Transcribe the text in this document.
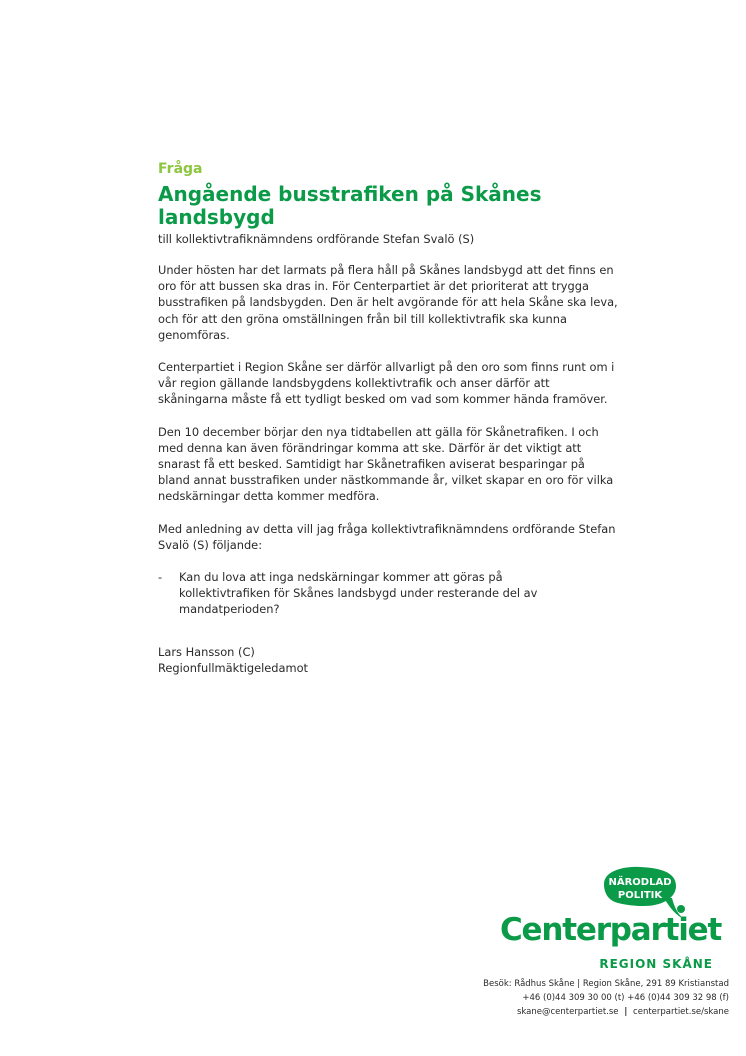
Fråga
Angående busstrafiken på Skånes landsbygd
till kollektivtrafiknämndens ordförande Stefan Svalö (S)

Under hösten har det larmats på flera håll på Skånes landsbygd att det finns en oro för att bussen ska dras in. För Centerpartiet är det prioriterat att trygga busstrafiken på landsbygden. Den är helt avgörande för att hela Skåne ska leva, och för att den gröna omställningen från bil till kollektivtrafik ska kunna genomföras.

Centerpartiet i Region Skåne ser därför allvarligt på den oro som finns runt om i vår region gällande landsbygdens kollektivtrafik och anser därför att skåningarna måste få ett tydligt besked om vad som kommer hända framöver.

Den 10 december börjar den nya tidtabellen att gälla för Skånetrafiken. I och med denna kan även förändringar komma att ske. Därför är det viktigt att snarast få ett besked. Samtidigt har Skånetrafiken aviserat besparingar på bland annat busstrafiken under nästkommande år, vilket skapar en oro för vilka nedskärningar detta kommer medföra.

Med anledning av detta vill jag fråga kollektivtrafiknämndens ordförande Stefan Svalö (S) följande:

-	Kan du lova att inga nedskärningar kommer att göras på kollektivtrafiken för Skånes landsbygd under resterande del av mandatperioden?
Lars Hansson (C)
Regionfullmäktigeledamot
NÄRODLAD
POLITIK
Centerpartiet
REGION SKÅNE
Besök: Rådhus Skåne | Region Skåne, 291 89 Kristianstad
+46 (0)44 309 30 00 (t) +46 (0)44 309 32 98 (f)
skane@centerpartiet.se | centerpartiet.se/skane
